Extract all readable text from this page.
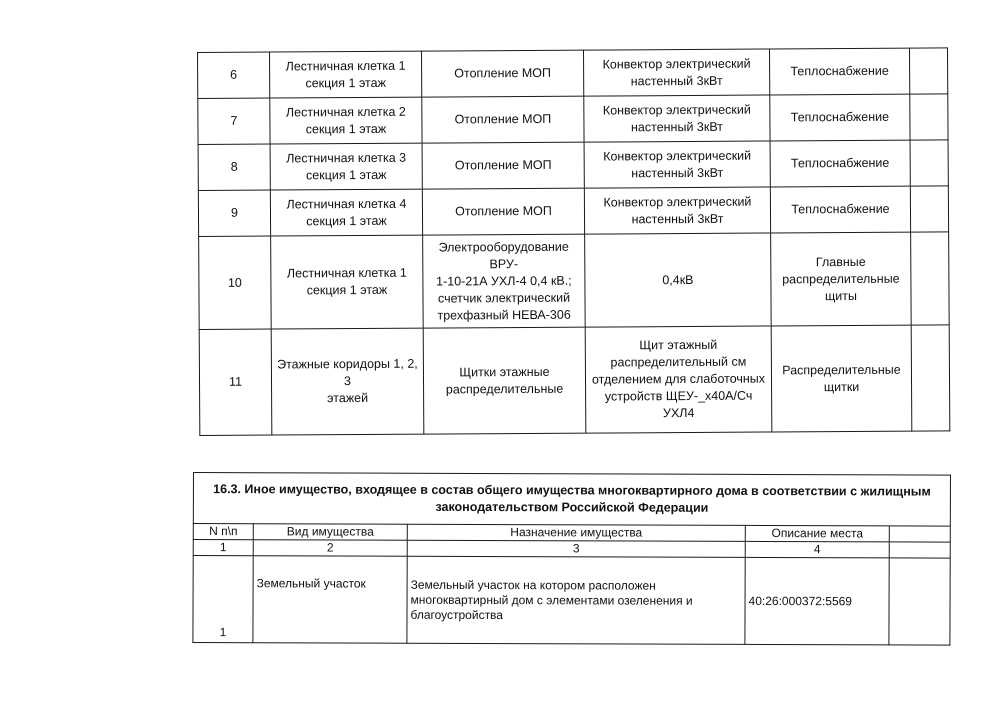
6	Лестничная клетка 1
секция 1 этаж	Отопление МОП	Конвектор электрический
настенный 3кВт	Теплоснабжение	

7	Лестничная клетка 2
секция 1 этаж	Отопление МОП	Конвектор электрический
настенный 3кВт	Теплоснабжение	

8	Лестничная клетка 3
секция 1 этаж	Отопление МОП	Конвектор электрический
настенный 3кВт	Теплоснабжение	

9	Лестничная клетка 4
секция 1 этаж	Отопление МОП	Конвектор электрический
настенный 3кВт	Теплоснабжение	

10	Лестничная клетка 1
секция 1 этаж	Электрооборудование ВРУ-
1-10-21А УХЛ-4 0,4 кВ.;
счетчик электрический
трехфазный НЕВА-306	0,4кВ	Главные
распределительные
щиты	

11	Этажные коридоры 1, 2, 3
этажей	Щитки этажные
распределительные	Щит этажный
распределительный см
отделением для слаботочных
устройств ЩЕУ-_х40А/Сч УХЛ4	Распределительные
щитки	

16.3. Иное имущество, входящее в состав общего имущества многоквартирного дома в соответствии с жилищным
законодательством Российской Федерации				
N п\п	Вид имущества	Назначение имущества	Описание места	
1	2	3	4	
1	Земельный участок	Земельный участок на котором расположен
многоквартирный дом с элементами озеленения и
благоустройства	40:26:000372:5569	
